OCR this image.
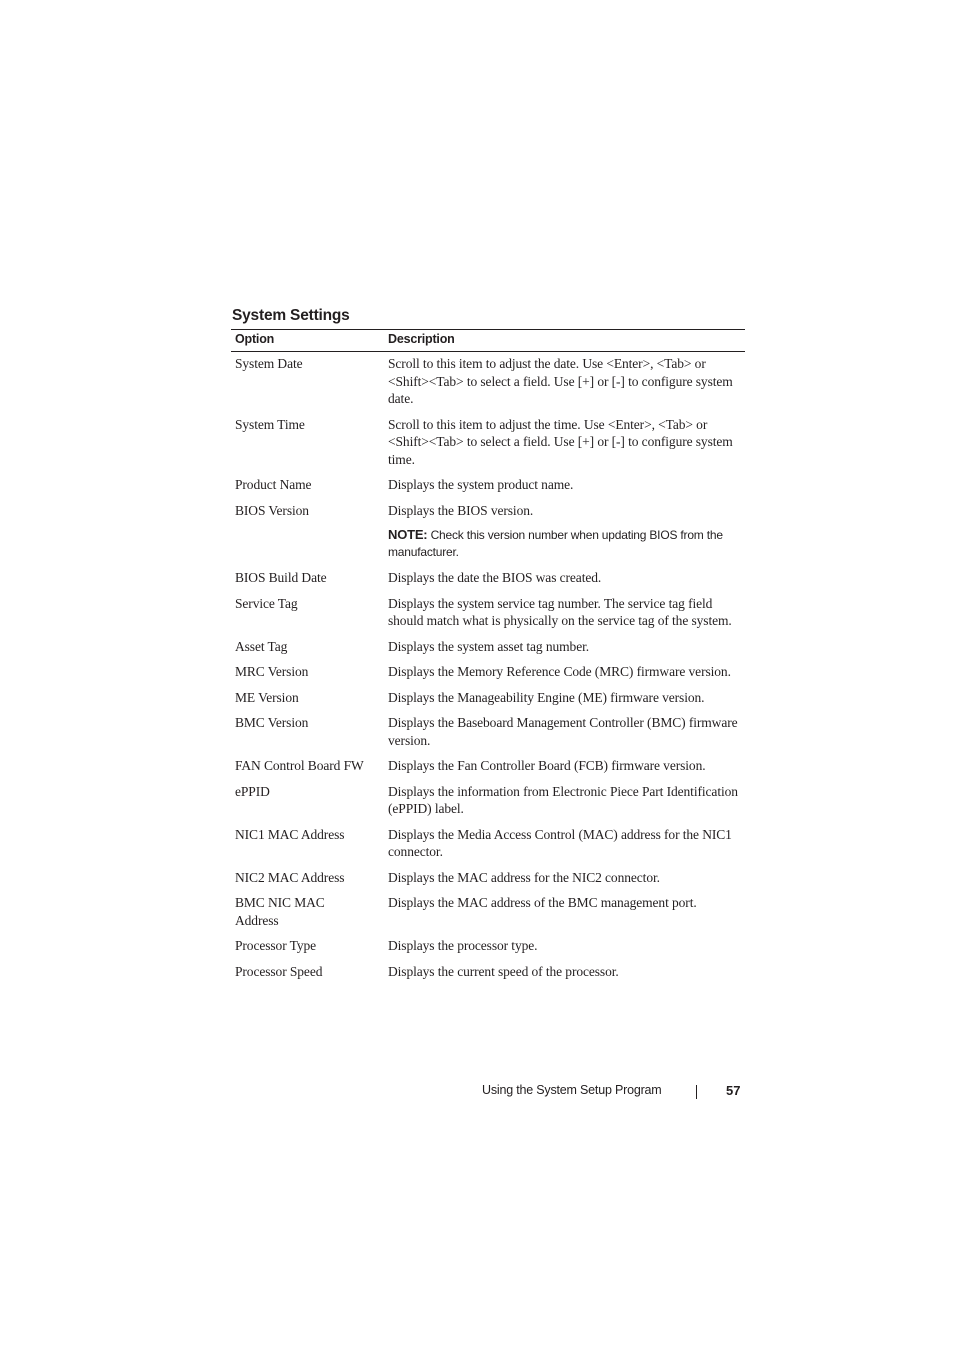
System Settings
Option	Description
System Date	Scroll to this item to adjust the date. Use <Enter>, <Tab> or <Shift><Tab> to select a field. Use [+] or [-] to configure system date.
System Time	Scroll to this item to adjust the time. Use <Enter>, <Tab> or <Shift><Tab> to select a field. Use [+] or [-] to configure system time.
Product Name	Displays the system product name.
BIOS Version	Displays the BIOS version.
NOTE: Check this version number when updating BIOS from the manufacturer.

BIOS Build Date	Displays the date the BIOS was created.
Service Tag	Displays the system service tag number. The service tag field should match what is physically on the service tag of the system.
Asset Tag	Displays the system asset tag number.
MRC Version	Displays the Memory Reference Code (MRC) firmware version.
ME Version	Displays the Manageability Engine (ME) firmware version.
BMC Version	Displays the Baseboard Management Controller (BMC) firmware version.
FAN Control Board FW	Displays the Fan Controller Board (FCB) firmware version.
ePPID	Displays the information from Electronic Piece Part Identification (ePPID) label.
NIC1 MAC Address	Displays the Media Access Control (MAC) address for the NIC1 connector.
NIC2 MAC Address	Displays the MAC address for the NIC2 connector.
BMC NIC MAC Address	Displays the MAC address of the BMC management port.
Processor Type	Displays the processor type.
Processor Speed	Displays the current speed of the processor.
Using the System Setup Program	57
